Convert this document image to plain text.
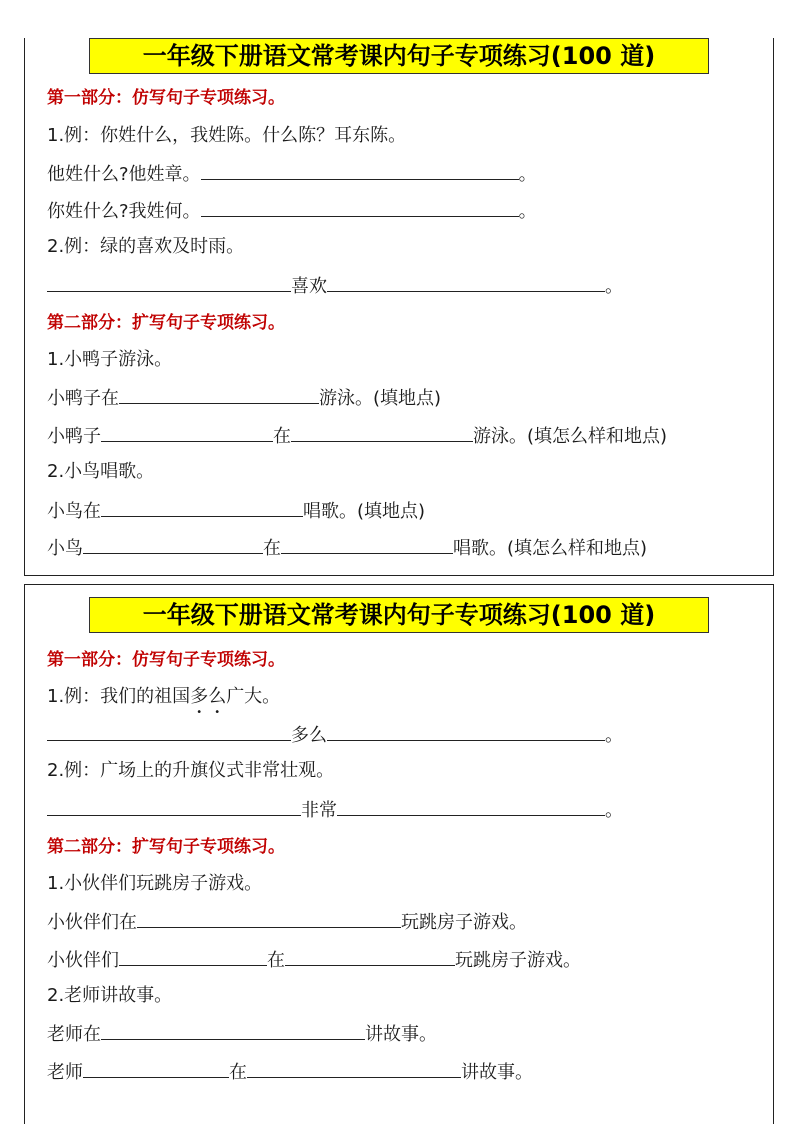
一年级下册语文常考课内句子专项练习(100 道)
第一部分：仿写句子专项练习。
1.例：你姓什么，我姓陈。什么陈？耳东陈。
他姓什么?他姓章。	。
你姓什么?我姓何。	。
2.例：绿的喜欢及时雨。
喜欢	。
第二部分：扩写句子专项练习。
1.小鸭子游泳。
小鸭子在	游泳。(填地点)
小鸭子	在	游泳。(填怎么样和地点)
2.小鸟唱歌。
小鸟在	唱歌。(填地点)
小鸟	在	唱歌。(填怎么样和地点)
一年级下册语文常考课内句子专项练习(100 道)
第一部分：仿写句子专项练习。
1.例：我们的祖国多么广大。
多么	。
2.例：广场上的升旗仪式非常壮观。
非常	。
第二部分：扩写句子专项练习。
1.小伙伴们玩跳房子游戏。
小伙伴们在	玩跳房子游戏。
小伙伴们	在	玩跳房子游戏。
2.老师讲故事。
老师在	讲故事。
老师	在	讲故事。
